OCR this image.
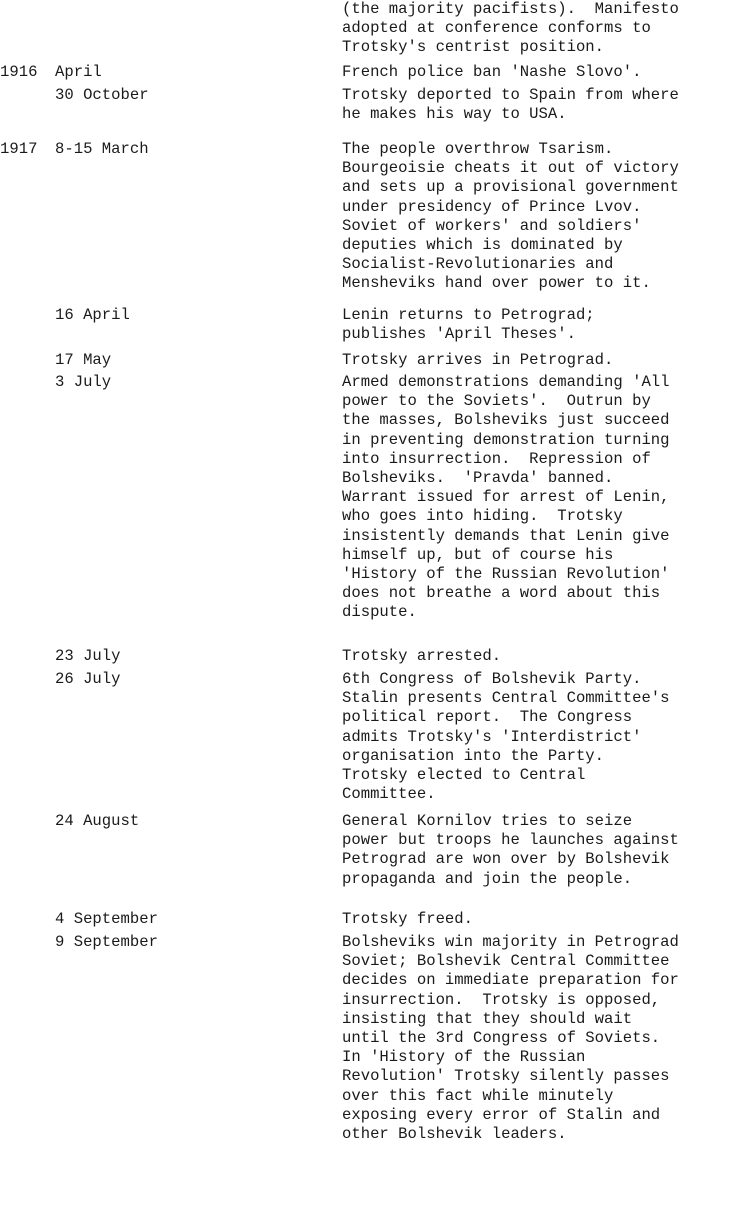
(the majority pacifists).  Manifesto
adopted at conference conforms to
Trotsky's centrist position.
1916 April	French police ban 'Nashe Slovo'.
30 October	Trotsky deported to Spain from where
he makes his way to USA.
1917 8-15 March	The people overthrow Tsarism.
Bourgeoisie cheats it out of victory
and sets up a provisional government
under presidency of Prince Lvov.
Soviet of workers' and soldiers'
deputies which is dominated by
Socialist-Revolutionaries and
Mensheviks hand over power to it.
16 April	Lenin returns to Petrograd;
publishes 'April Theses'.
17 May	Trotsky arrives in Petrograd.
3 July	Armed demonstrations demanding 'All
power to the Soviets'.  Outrun by
the masses, Bolsheviks just succeed
in preventing demonstration turning
into insurrection.  Repression of
Bolsheviks.  'Pravda' banned.
Warrant issued for arrest of Lenin,
who goes into hiding.  Trotsky
insistently demands that Lenin give
himself up, but of course his
'History of the Russian Revolution'
does not breathe a word about this
dispute.
23 July	Trotsky arrested.
26 July	6th Congress of Bolshevik Party.
Stalin presents Central Committee's
political report.  The Congress
admits Trotsky's 'Interdistrict'
organisation into the Party.
Trotsky elected to Central
Committee.
24 August	General Kornilov tries to seize
power but troops he launches against
Petrograd are won over by Bolshevik
propaganda and join the people.
4 September	Trotsky freed.
9 September	Bolsheviks win majority in Petrograd
Soviet; Bolshevik Central Committee
decides on immediate preparation for
insurrection.  Trotsky is opposed,
insisting that they should wait
until the 3rd Congress of Soviets.
In 'History of the Russian
Revolution' Trotsky silently passes
over this fact while minutely
exposing every error of Stalin and
other Bolshevik leaders.
